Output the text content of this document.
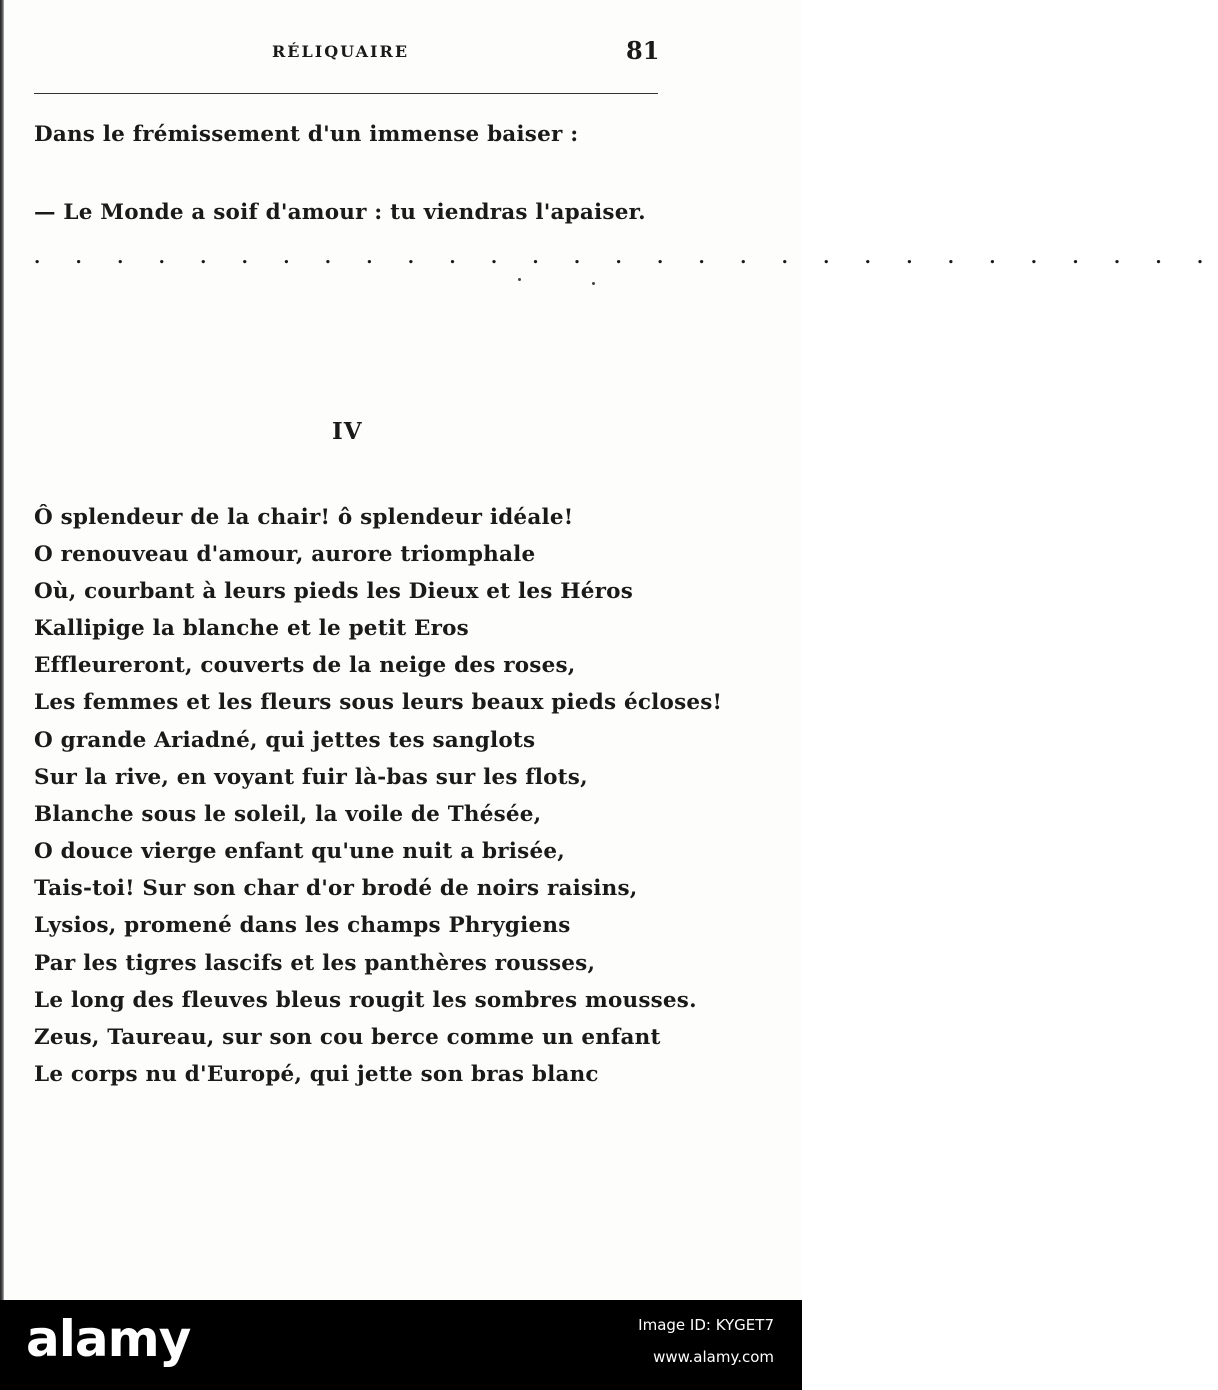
RÉLIQUAIRE	81
Dans le frémissement d'un immense baiser :
— Le Monde a soif d'amour : tu viendras l'apaiser.
. . . . . . . . . . . . . . . . . . . . . . . . . . . . .
IV
Ô splendeur de la chair! ô splendeur idéale!
O renouveau d'amour, aurore triomphale
Où, courbant à leurs pieds les Dieux et les Héros
Kallipige la blanche et le petit Eros
Effleureront, couverts de la neige des roses,
Les femmes et les fleurs sous leurs beaux pieds écloses!
O grande Ariadné, qui jettes tes sanglots
Sur la rive, en voyant fuir là-bas sur les flots,
Blanche sous le soleil, la voile de Thésée,
O douce vierge enfant qu'une nuit a brisée,
Tais-toi! Sur son char d'or brodé de noirs raisins,
Lysios, promené dans les champs Phrygiens
Par les tigres lascifs et les panthères rousses,
Le long des fleuves bleus rougit les sombres mousses.
Zeus, Taureau, sur son cou berce comme un enfant
Le corps nu d'Europé, qui jette son bras blanc
alamy	Image ID: KYGET7
www.alamy.com
